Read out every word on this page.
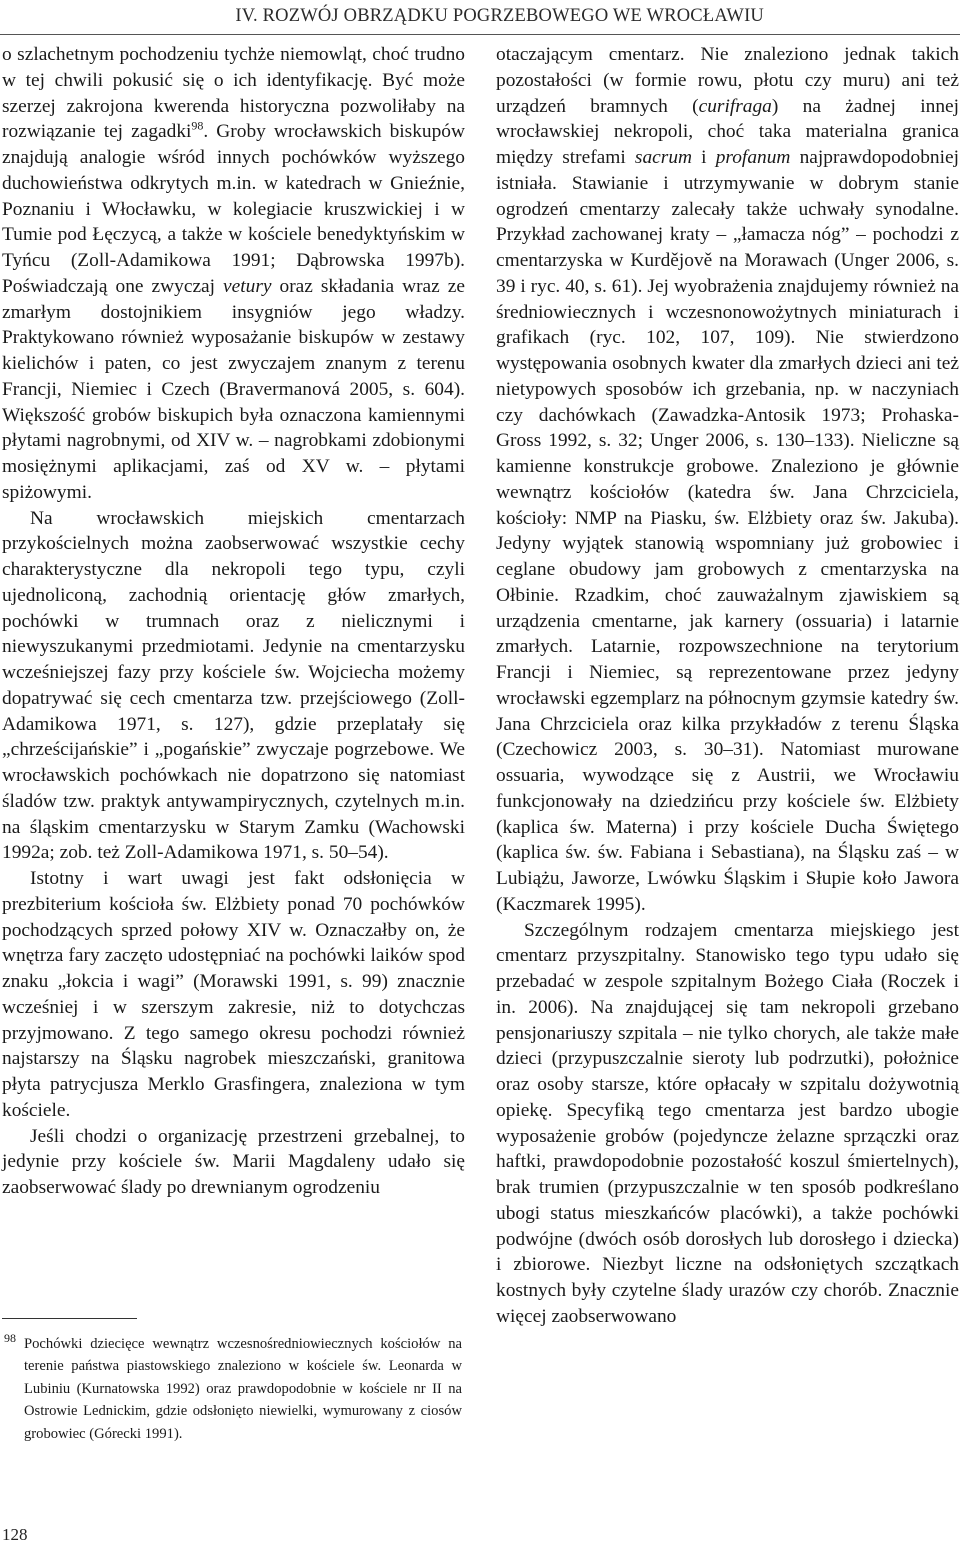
IV. ROZWÓJ OBRZĄDKU POGRZEBOWEGO WE WROCŁAWIU

o szlachetnym pochodzeniu tychże niemowląt, choć trudno w tej chwili pokusić się o ich identyfikację. Być może szerzej zakrojona kwerenda historyczna pozwoliłaby na rozwiązanie tej zagadki$^{98}$. Groby wrocławskich biskupów znajdują analogie wśród innych pochówków wyższego duchowieństwa odkrytych m.in. w katedrach w Gnieźnie, Poznaniu i Włocławku, w kolegiacie kruszwickiej i w Tumie pod Łęczycą, a także w kościele benedyktyńskim w Tyńcu (Zoll-Adamikowa 1991; Dąbrowska 1997b). Poświadczają one zwyczaj vetury oraz składania wraz ze zmarłym dostojnikiem insygniów jego władzy. Praktykowano również wyposażanie biskupów w zestawy kielichów i paten, co jest zwyczajem znanym z terenu Francji, Niemiec i Czech (Bravermanová 2005, s. 604). Większość grobów biskupich była oznaczona kamiennymi płytami nagrobnymi, od XIV w. – nagrobkami zdobionymi mosiężnymi aplikacjami, zaś od XV w. – płytami spiżowymi.

Na wrocławskich miejskich cmentarzach przykościelnych można zaobserwować wszystkie cechy charakterystyczne dla nekropoli tego typu, czyli ujednoliconą, zachodnią orientację głów zmarłych, pochówki w trumnach oraz z nielicznymi i niewyszukanymi przedmiotami. Jedynie na cmentarzysku wcześniejszej fazy przy kościele św. Wojciecha możemy dopatrywać się cech cmentarza tzw. przejściowego (Zoll-Adamikowa 1971, s. 127), gdzie przeplatały się „chrześcijańskie” i „pogańskie” zwyczaje pogrzebowe. We wrocławskich pochówkach nie dopatrzono się natomiast śladów tzw. praktyk antywampirycznych, czytelnych m.in. na śląskim cmentarzysku w Starym Zamku (Wachowski 1992a; zob. też Zoll-Adamikowa 1971, s. 50–54).

Istotny i wart uwagi jest fakt odsłonięcia w prezbiterium kościoła św. Elżbiety ponad 70 pochówków pochodzących sprzed połowy XIV w. Oznaczałby on, że wnętrza fary zaczęto udostępniać na pochówki laików spod znaku „łokcia i wagi” (Morawski 1991, s. 99) znacznie wcześniej i w szerszym zakresie, niż to dotychczas przyjmowano. Z tego samego okresu pochodzi również najstarszy na Śląsku nagrobek mieszczański, granitowa płyta patrycjusza Merklo Grasfingera, znaleziona w tym kościele.

Jeśli chodzi o organizację przestrzeni grzebalnej, to jedynie przy kościele św. Marii Magdaleny udało się zaobserwować ślady po drewnianym ogrodzeniu

98 Pochówki dziecięce wewnątrz wczesnośredniowiecznych kościołów na terenie państwa piastowskiego znaleziono w kościele św. Leonarda w Lubiniu (Kurnatowska 1992) oraz prawdopodobnie w kościele nr II na Ostrowie Lednickim, gdzie odsłonięto niewielki, wymurowany z ciosów grobowiec (Górecki 1991).

otaczającym cmentarz. Nie znaleziono jednak takich pozostałości (w formie rowu, płotu czy muru) ani też urządzeń bramnych (curifraga) na żadnej innej wrocławskiej nekropoli, choć taka materialna granica między strefami sacrum i profanum najprawdopodobniej istniała. Stawianie i utrzymywanie w dobrym stanie ogrodzeń cmentarzy zalecały także uchwały synodalne. Przykład zachowanej kraty – „łamacza nóg” – pochodzi z cmentarzyska w Kurdějově na Morawach (Unger 2006, s. 39 i ryc. 40, s. 61). Jej wyobrażenia znajdujemy również na średniowiecznych i wczesnonowożytnych miniaturach i grafikach (ryc. 102, 107, 109). Nie stwierdzono występowania osobnych kwater dla zmarłych dzieci ani też nietypowych sposobów ich grzebania, np. w naczyniach czy dachówkach (Zawadzka-Antosik 1973; Prohaska-Gross 1992, s. 32; Unger 2006, s. 130–133). Nieliczne są kamienne konstrukcje grobowe. Znaleziono je głównie wewnątrz kościołów (katedra św. Jana Chrzciciela, kościoły: NMP na Piasku, św. Elżbiety oraz św. Jakuba). Jedyny wyjątek stanowią wspomniany już grobowiec i ceglane obudowy jam grobowych z cmentarzyska na Ołbinie. Rzadkim, choć zauważalnym zjawiskiem są urządzenia cmentarne, jak karnery (ossuaria) i latarnie zmarłych. Latarnie, rozpowszechnione na terytorium Francji i Niemiec, są reprezentowane przez jedyny wrocławski egzemplarz na północnym gzymsie katedry św. Jana Chrzciciela oraz kilka przykładów z terenu Śląska (Czechowicz 2003, s. 30–31). Natomiast murowane ossuaria, wywodzące się z Austrii, we Wrocławiu funkcjonowały na dziedzińcu przy kościele św. Elżbiety (kaplica św. Materna) i przy kościele Ducha Świętego (kaplica św. św. Fabiana i Sebastiana), na Śląsku zaś – w Lubiążu, Jaworze, Lwówku Śląskim i Słupie koło Jawora (Kaczmarek 1995).

Szczególnym rodzajem cmentarza miejskiego jest cmentarz przyszpitalny. Stanowisko tego typu udało się przebadać w zespole szpitalnym Bożego Ciała (Roczek i in. 2006). Na znajdującej się tam nekropoli grzebano pensjonariuszy szpitala – nie tylko chorych, ale także małe dzieci (przypuszczalnie sieroty lub podrzutki), położnice oraz osoby starsze, które opłacały w szpitalu dożywotnią opiekę. Specyfiką tego cmentarza jest bardzo ubogie wyposażenie grobów (pojedyncze żelazne sprzączki oraz haftki, prawdopodobnie pozostałość koszul śmiertelnych), brak trumien (przypuszczalnie w ten sposób podkreślano ubogi status mieszkańców placówki), a także pochówki podwójne (dwóch osób dorosłych lub dorosłego i dziecka) i zbiorowe. Niezbyt liczne na odsłoniętych szczątkach kostnych były czytelne ślady urazów czy chorób. Znacznie więcej zaobserwowano

128
